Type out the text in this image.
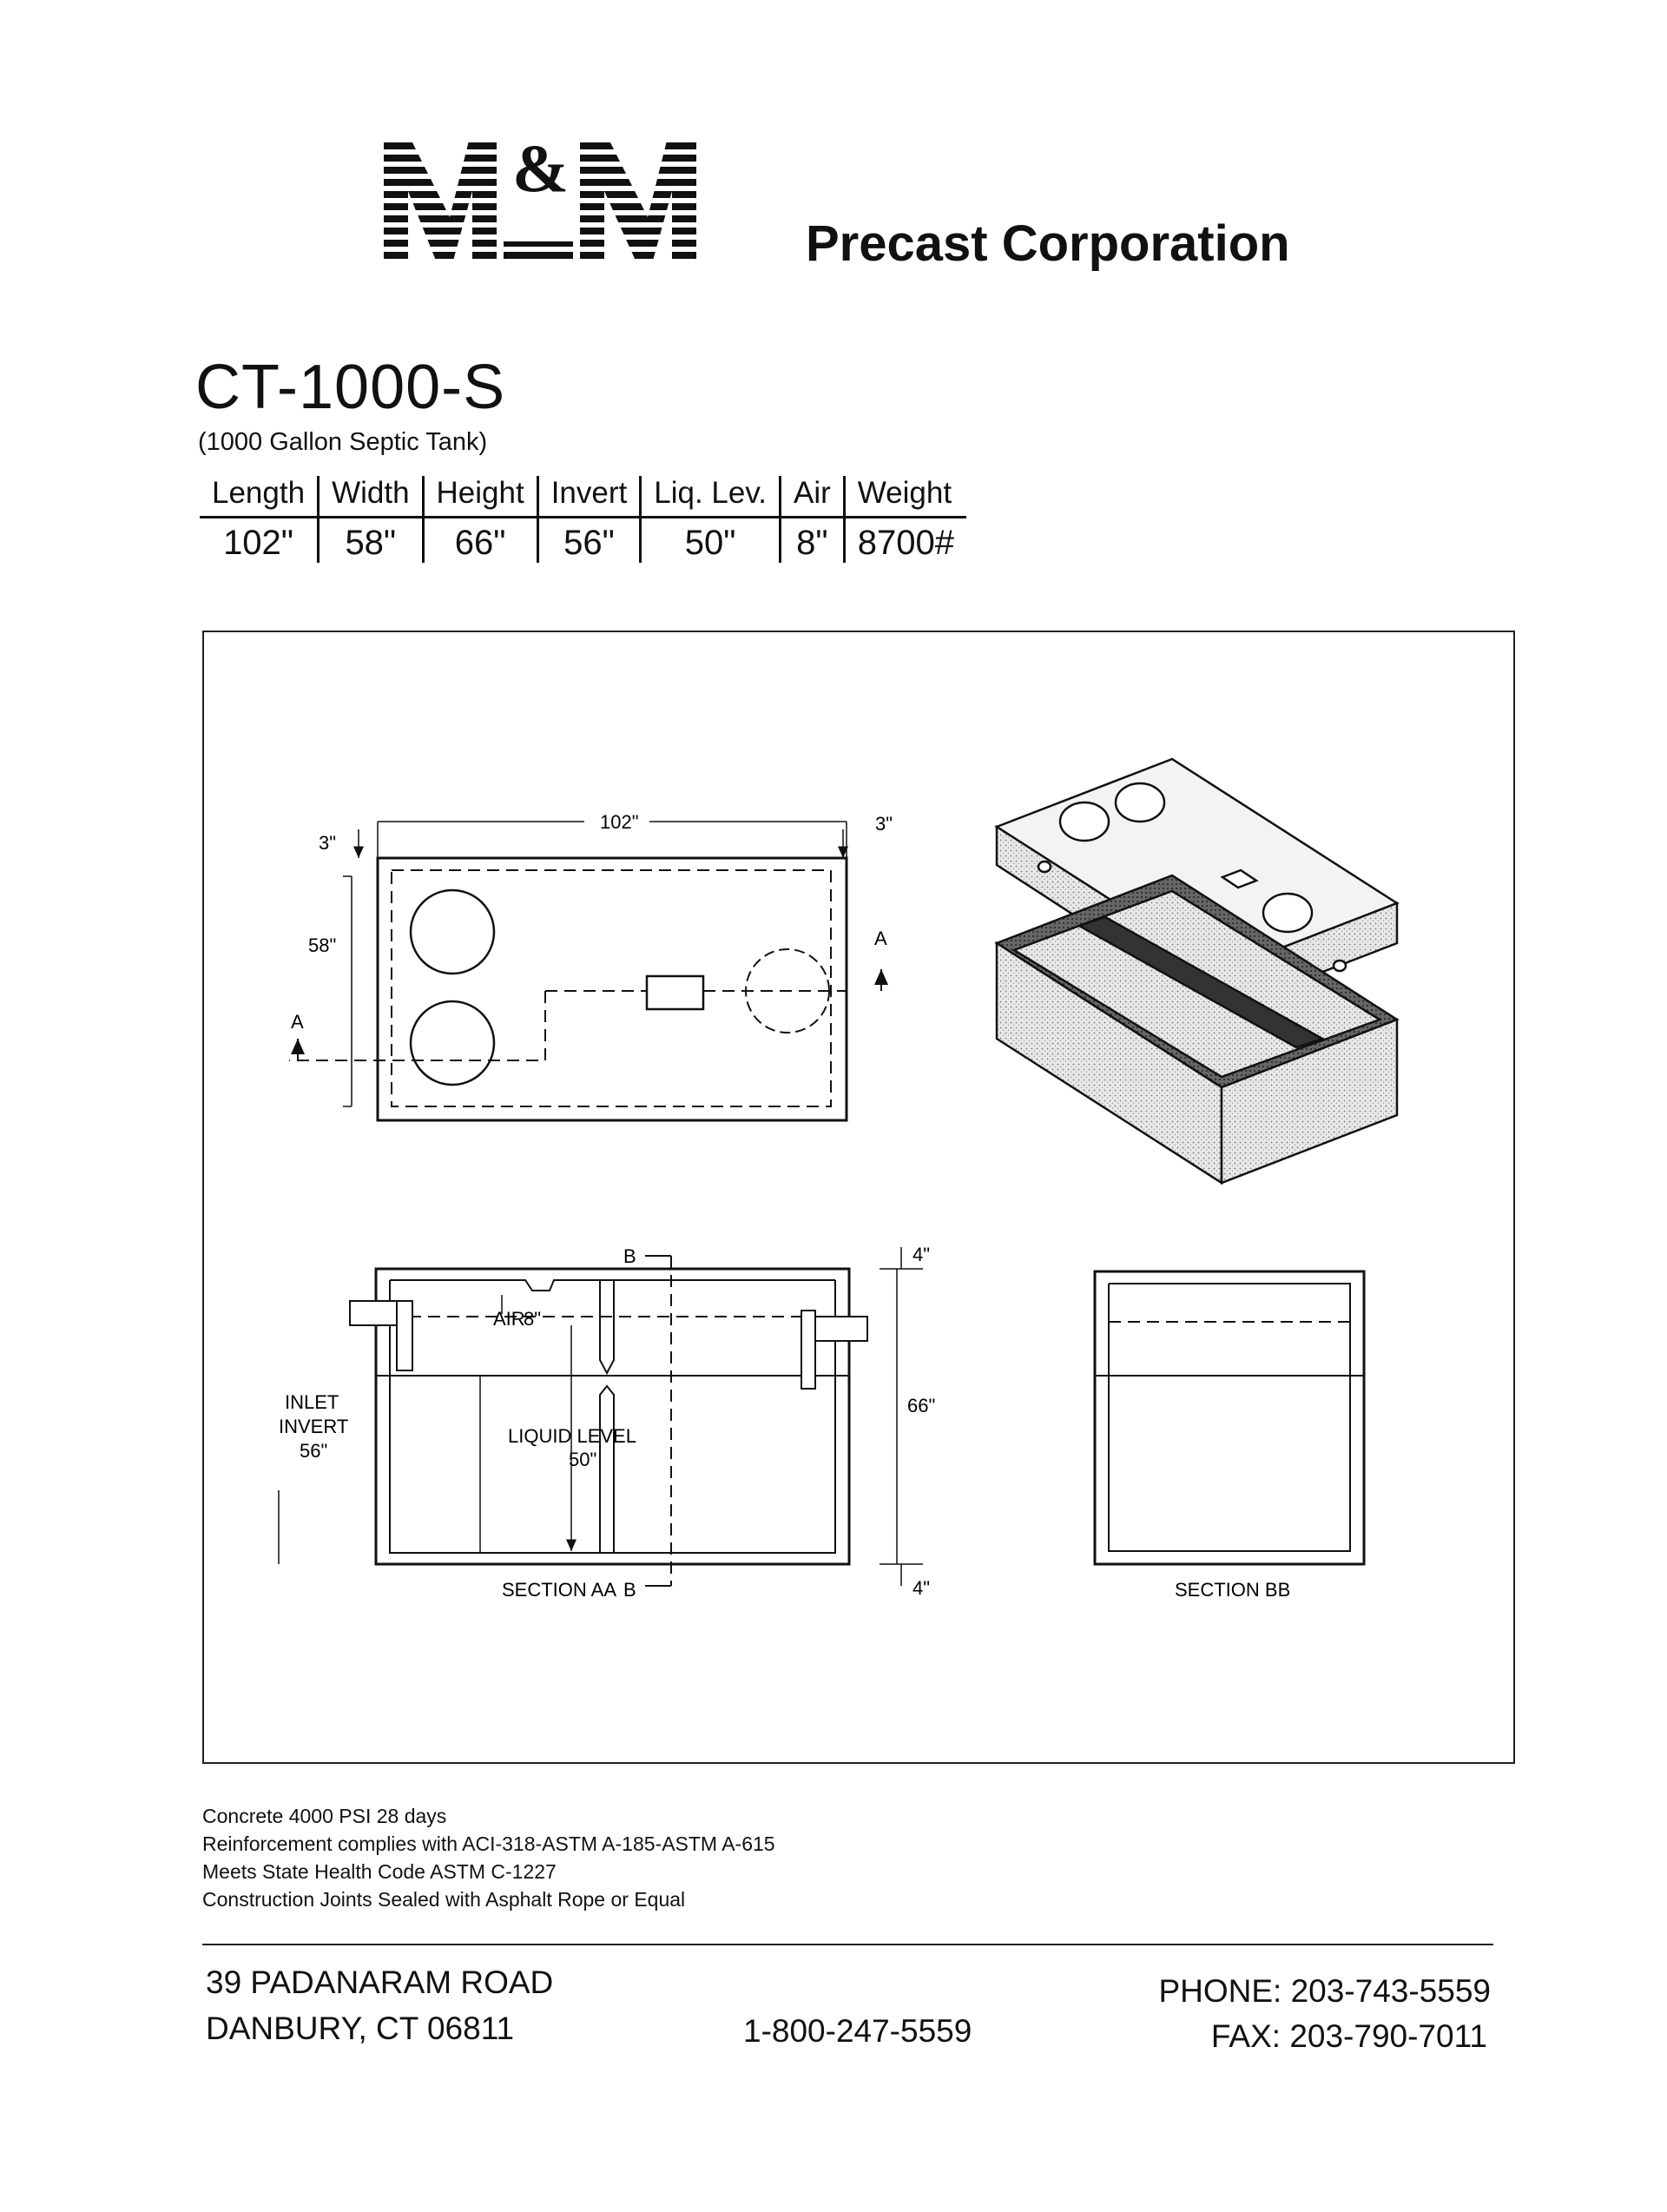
&
Precast Corporation
CT-1000-S
(1000 Gallon Septic Tank)
Length	Width	Height	Invert	Liq. Lev.	Air	Weight
102"	58"	66"	56"	50"	8"	8700#
102"
3"
3"
58"
A
A
AIR
8"
B
B
4"
4"
66"
INLET
INVERT
56"
LIQUID LEVEL
50"
SECTION AA	SECTION BB
Concrete 4000 PSI 28 days
Reinforcement complies with ACI-318-ASTM A-185-ASTM A-615
Meets State Health Code ASTM C-1227
Construction Joints Sealed with Asphalt Rope or Equal
39 PADANARAM ROAD
DANBURY, CT 06811	1-800-247-5559
PHONE: 203-743-5559
FAX: 203-790-7011
